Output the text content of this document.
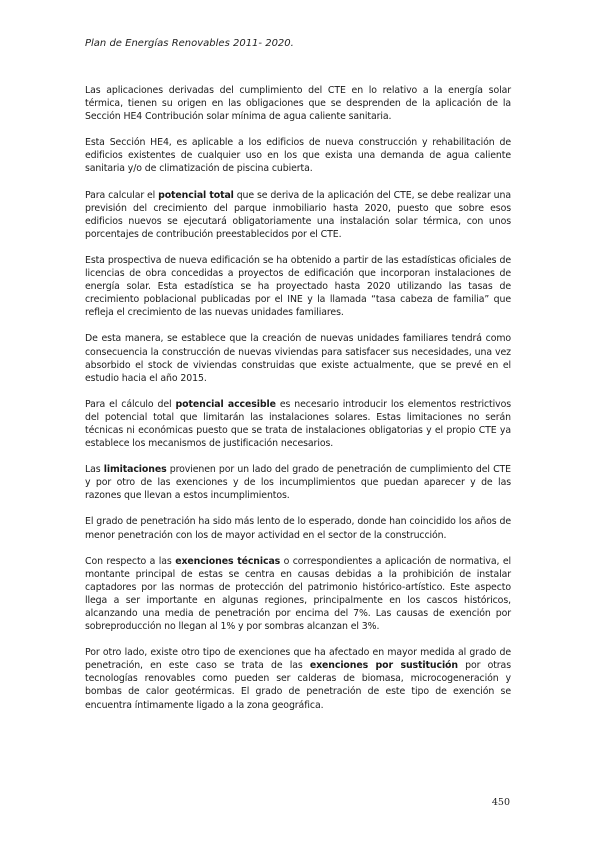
Plan de Energías Renovables 2011- 2020.

Las aplicaciones derivadas del cumplimiento del CTE en lo relativo a la energía solar térmica, tienen su origen en las obligaciones que se desprenden de la aplicación de la Sección HE4 Contribución solar mínima de agua caliente sanitaria.

Esta Sección HE4, es aplicable a los edificios de nueva construcción y rehabilitación de edificios existentes de cualquier uso en los que exista una demanda de agua caliente sanitaria y/o de climatización de piscina cubierta.

Para calcular el potencial total que se deriva de la aplicación del CTE, se debe realizar una previsión del crecimiento del parque inmobiliario hasta 2020, puesto que sobre esos edificios nuevos se ejecutará obligatoriamente una instalación solar térmica, con unos porcentajes de contribución preestablecidos por el CTE.

Esta prospectiva de nueva edificación se ha obtenido a partir de las estadísticas oficiales de licencias de obra concedidas a proyectos de edificación que incorporan instalaciones de energía solar. Esta estadística se ha proyectado hasta 2020 utilizando las tasas de crecimiento poblacional publicadas por el INE y la llamada “tasa cabeza de familia” que refleja el crecimiento de las nuevas unidades familiares.

De esta manera, se establece que la creación de nuevas unidades familiares tendrá como consecuencia la construcción de nuevas viviendas para satisfacer sus necesidades, una vez absorbido el stock de viviendas construidas que existe actualmente, que se prevé en el estudio hacia el año 2015.

Para el cálculo del potencial accesible es necesario introducir los elementos restrictivos del potencial total que limitarán las instalaciones solares. Estas limitaciones no serán técnicas ni económicas puesto que se trata de instalaciones obligatorias y el propio CTE ya establece los mecanismos de justificación necesarios.

Las limitaciones provienen por un lado del grado de penetración de cumplimiento del CTE y por otro de las exenciones y de los incumplimientos que puedan aparecer y de las razones que llevan a estos incumplimientos.

El grado de penetración ha sido más lento de lo esperado, donde han coincidido los años de menor penetración con los de mayor actividad en el sector de la construcción.

Con respecto a las exenciones técnicas o correspondientes a aplicación de normativa, el montante principal de estas se centra en causas debidas a la prohibición de instalar captadores por las normas de protección del patrimonio histórico-artístico. Este aspecto llega a ser importante en algunas regiones, principalmente en los cascos históricos, alcanzando una media de penetración por encima del 7%. Las causas de exención por sobreproducción no llegan al 1% y por sombras alcanzan el 3%.

Por otro lado, existe otro tipo de exenciones que ha afectado en mayor medida al grado de penetración, en este caso se trata de las exenciones por sustitución por otras tecnologías renovables como pueden ser calderas de biomasa, microcogeneración y bombas de calor geotérmicas. El grado de penetración de este tipo de exención se encuentra íntimamente ligado a la zona geográfica.

450
